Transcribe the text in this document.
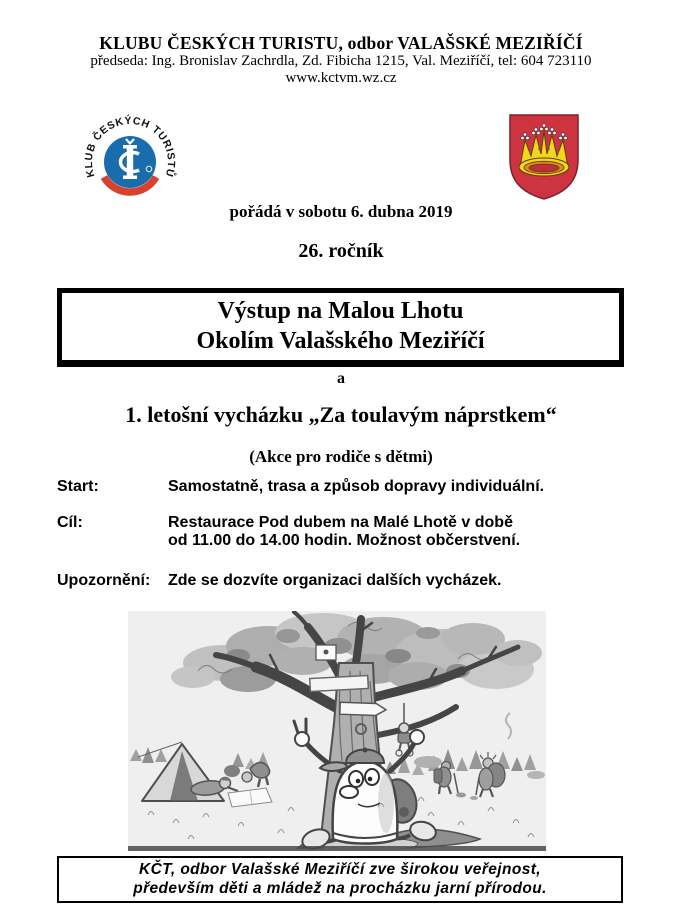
KLUBU ČESKÝCH TURISTU, odbor VALAŠSKÉ MEZIŘÍČÍ
předseda: Ing. Bronislav Zachrdla, Zd. Fibicha 1215, Val. Meziříčí, tel: 604 723110
www.kctvm.wz.cz
KLUB ČESKÝCH TURISTŮ
pořádá v sobotu 6. dubna 2019
26. ročník
Výstup na Malou Lhotu
Okolím Valašského Meziříčí
a
1. letošní vycházku „Za toulavým náprstkem“
(Akce pro rodiče s dětmi)
Start:	Samostatně, trasa a způsob dopravy individuální.
Cíl:	Restaurace Pod dubem na Malé Lhotě v době
od 11.00 do 14.00 hodin. Možnost občerstvení.
Upozornění: Zde se dozvíte organizaci dalších vycházek.
KČT, odbor Valašské Meziříčí zve širokou veřejnost,
především děti a mládež na procházku jarní přírodou.
